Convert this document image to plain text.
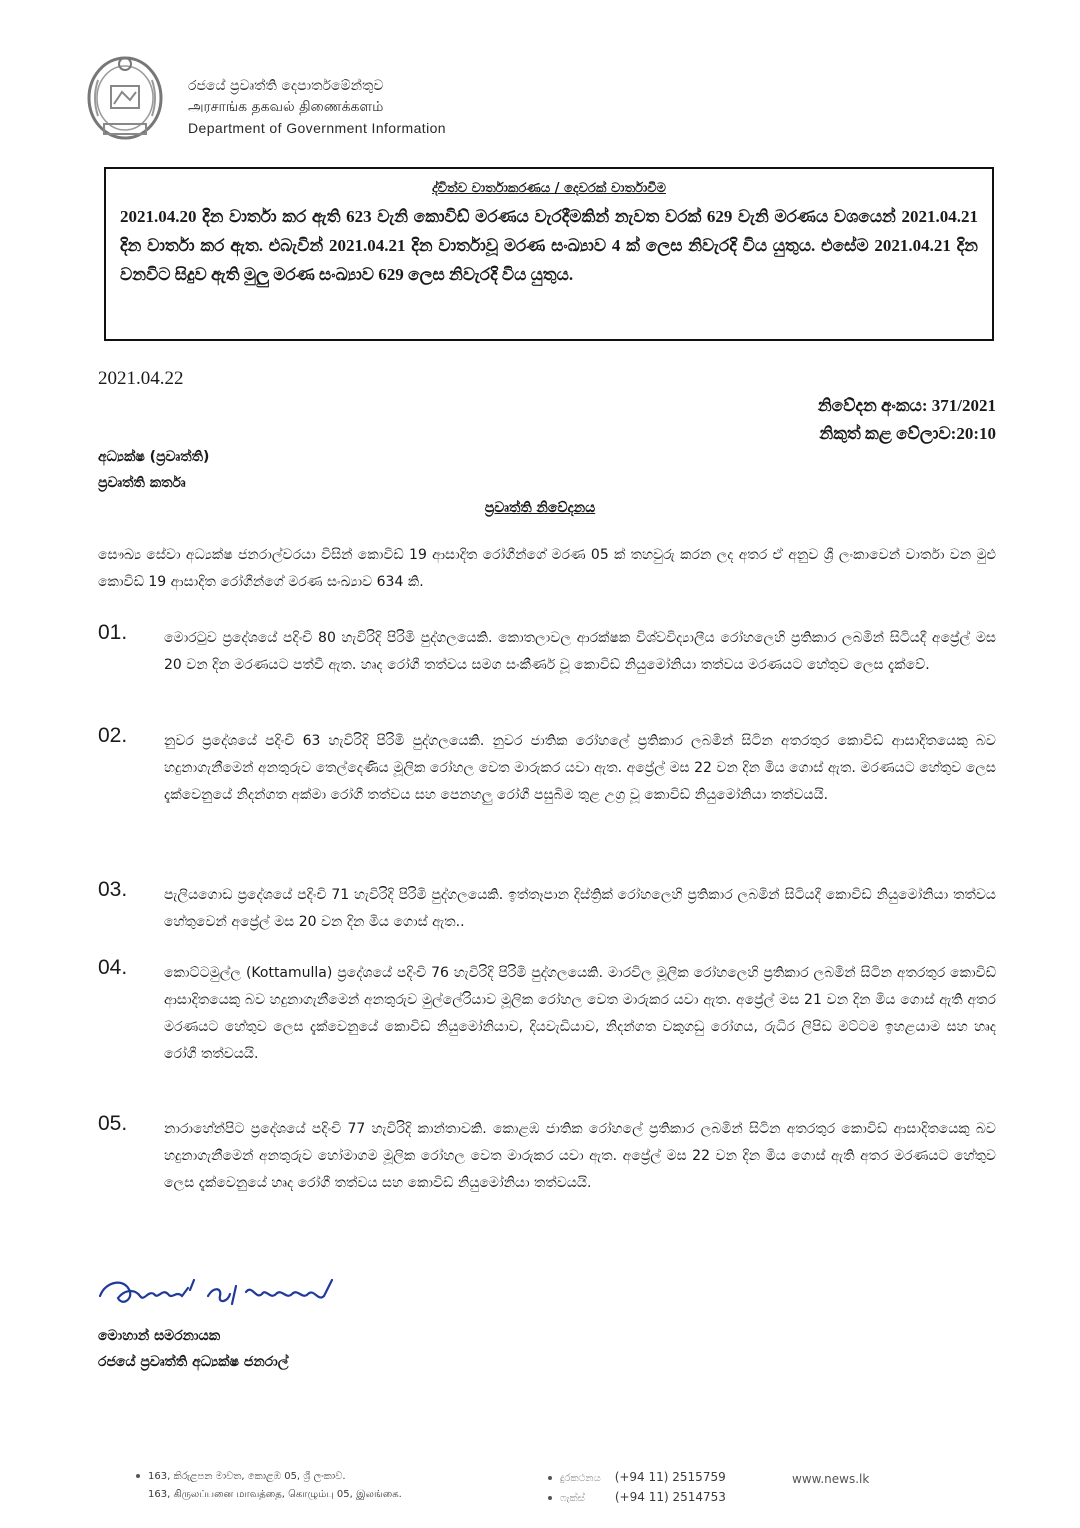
රජයේ ප්‍රවෘත්ති දෙපාර්තමේන්තුව
அரசாங்க தகவல் திணைக்களம்
Department of Government Information
ද්විත්ව වාර්තාකරණය / දෙවරක් වාර්තාවීම
2021.04.20 දින වාර්තා කර ඇති 623 වැනි කොවිඩ් මරණය වැරදීමකින් නැවත වරක් 629 වැනි මරණය වශයෙන් 2021.04.21 දින වාර්තා කර ඇත. එබැවින් 2021.04.21 දින වාර්තාවූ මරණ සංඛ්‍යාව 4 ක් ලෙස නිවැරදි විය යුතුය. එසේම 2021.04.21 දින වනවිට සිදුව ඇති මුලු මරණ සංඛ්‍යාව 629 ලෙස නිවැරදි විය යුතුය.
2021.04.22
නිවේදන අංකය: 371/2021
නිකුත් කළ වේලාව:20:10
අධ්‍යක්ෂ (ප්‍රවෘත්ති)
ප්‍රවෘත්ති කර්තෘ
ප්‍රවෘත්ති නිවේදනය
සෞඛ්‍ය සේවා අධ්‍යක්ෂ ජනරාල්වරයා විසින් කොවිඩ් 19 ආසාදිත රෝගීන්ගේ මරණ 05 ක් තහවුරු කරන ලද අතර ඒ අනුව ශ්‍රී ලංකාවෙන් වාර්තා වන මුළු කොවිඩ් 19 ආසාදිත රෝගීන්ගේ මරණ සංඛ්‍යාව 634 කි.
01.	මොරටුව ප්‍රදේශයේ පදිංචි 80 හැවිරිදි පිරිමි පුද්ගලයෙකි. කොතලාවල ආරක්ෂක විශ්වවිද්‍යාලීය රෝහලෙහි ප්‍රතිකාර ලබමින් සිටියදී අප්‍රේල් මස 20 වන දින මරණයට පත්වී ඇත. හෘද රෝගී තත්වය සමග සංකීර්ණ වූ කොවිඩ් නියුමෝනියා තත්වය මරණයට හේතුව ලෙස දැක්වේ.
02.	නුවර ප්‍රදේශයේ පදිංචි 63 හැවිරිදි පිරිමි පුද්ගලයෙකි. නුවර ජාතික රෝහලේ ප්‍රතිකාර ලබමින් සිටින අතරතුර කොවිඩ් ආසාදිතයෙකු බව හදුනාගැනීමෙන් අනතුරුව තෙල්දෙණිය මූලික රෝහල වෙත මාරුකර යවා ඇත. අප්‍රේල් මස 22 වන දින මිය ගොස් ඇත. මරණයට හේතුව ලෙස දැක්වෙනුයේ නිදන්ගත අක්මා රෝගී තත්වය සහ පෙනහලු රෝගී පසුබිම තුළ උග්‍ර වූ කොවිඩ් නියුමෝනියා තත්වයයි.
03.	පැලියගොඩ ප්‍රදේශයේ පදිංචි 71 හැවිරිදි පිරිමි පුද්ගලයෙකි. ඉත්තෑපාන දිස්ත්‍රික් රෝහලෙහි ප්‍රතිකාර ලබමින් සිටියදී කොවිඩ් නියුමෝනියා තත්වය හේතුවෙන් අප්‍රේල් මස 20 වන දින මිය ගොස් ඇත..
04.	කොට්ටමුල්ල (Kottamulla) ප්‍රදේශයේ පදිංචි 76 හැවිරිදි පිරිමි පුද්ගලයෙකි. මාරවිල මූලික රෝහලෙහි ප්‍රතිකාර ලබමින් සිටින අතරතුර කොවිඩ් ආසාදිතයෙකු බව හදුනාගැනීමෙන් අනතුරුව මුල්ලේරියාව මූලික රෝහල වෙත මාරුකර යවා ඇත. අප්‍රේල් මස 21 වන දින මිය ගොස් ඇති අතර මරණයට හේතුව ලෙස දැක්වෙනුයේ කොවිඩ් නියුමෝනියාව, දියවැඩියාව, නිදන්ගත වකුගඩු රෝගය, රුධිර ලිපිඩ මට්ටම ඉහළයාම සහ හෘද රෝගී තත්වයයි.
05.	නාරාහේන්පිට ප්‍රදේශයේ පදිංචි 77 හැවිරිදි කාන්තාවකි. කොළඹ ජාතික රෝහලේ ප්‍රතිකාර ලබමින් සිටින අතරතුර කොවිඩ් ආසාදිතයෙකු බව හදුනාගැනීමෙන් අනතුරුව හෝමාගම මූලික රෝහල වෙත මාරුකර යවා ඇත. අප්‍රේල් මස 22 වන දින මිය ගොස් ඇති අතර මරණයට හේතුව ලෙස දැක්වෙනුයේ හෘද රෝගී තත්වය සහ කොවිඩ් නියුමෝනියා තත්වයයි.
මොහාන් සමරනායක
රජයේ ප්‍රවෘත්ති අධ්‍යක්ෂ ජනරාල්
163, කිරුළපන මාවත, කොළඹ 05, ශ්‍රී ලංකාව.
163, கிருலப்பனை மாவத்தை, கொழும்பு 05, இலங்கை.
දුරකථනය (+94 11) 2515759
ෆැක්ස්	(+94 11) 2514753
www.news.lk
